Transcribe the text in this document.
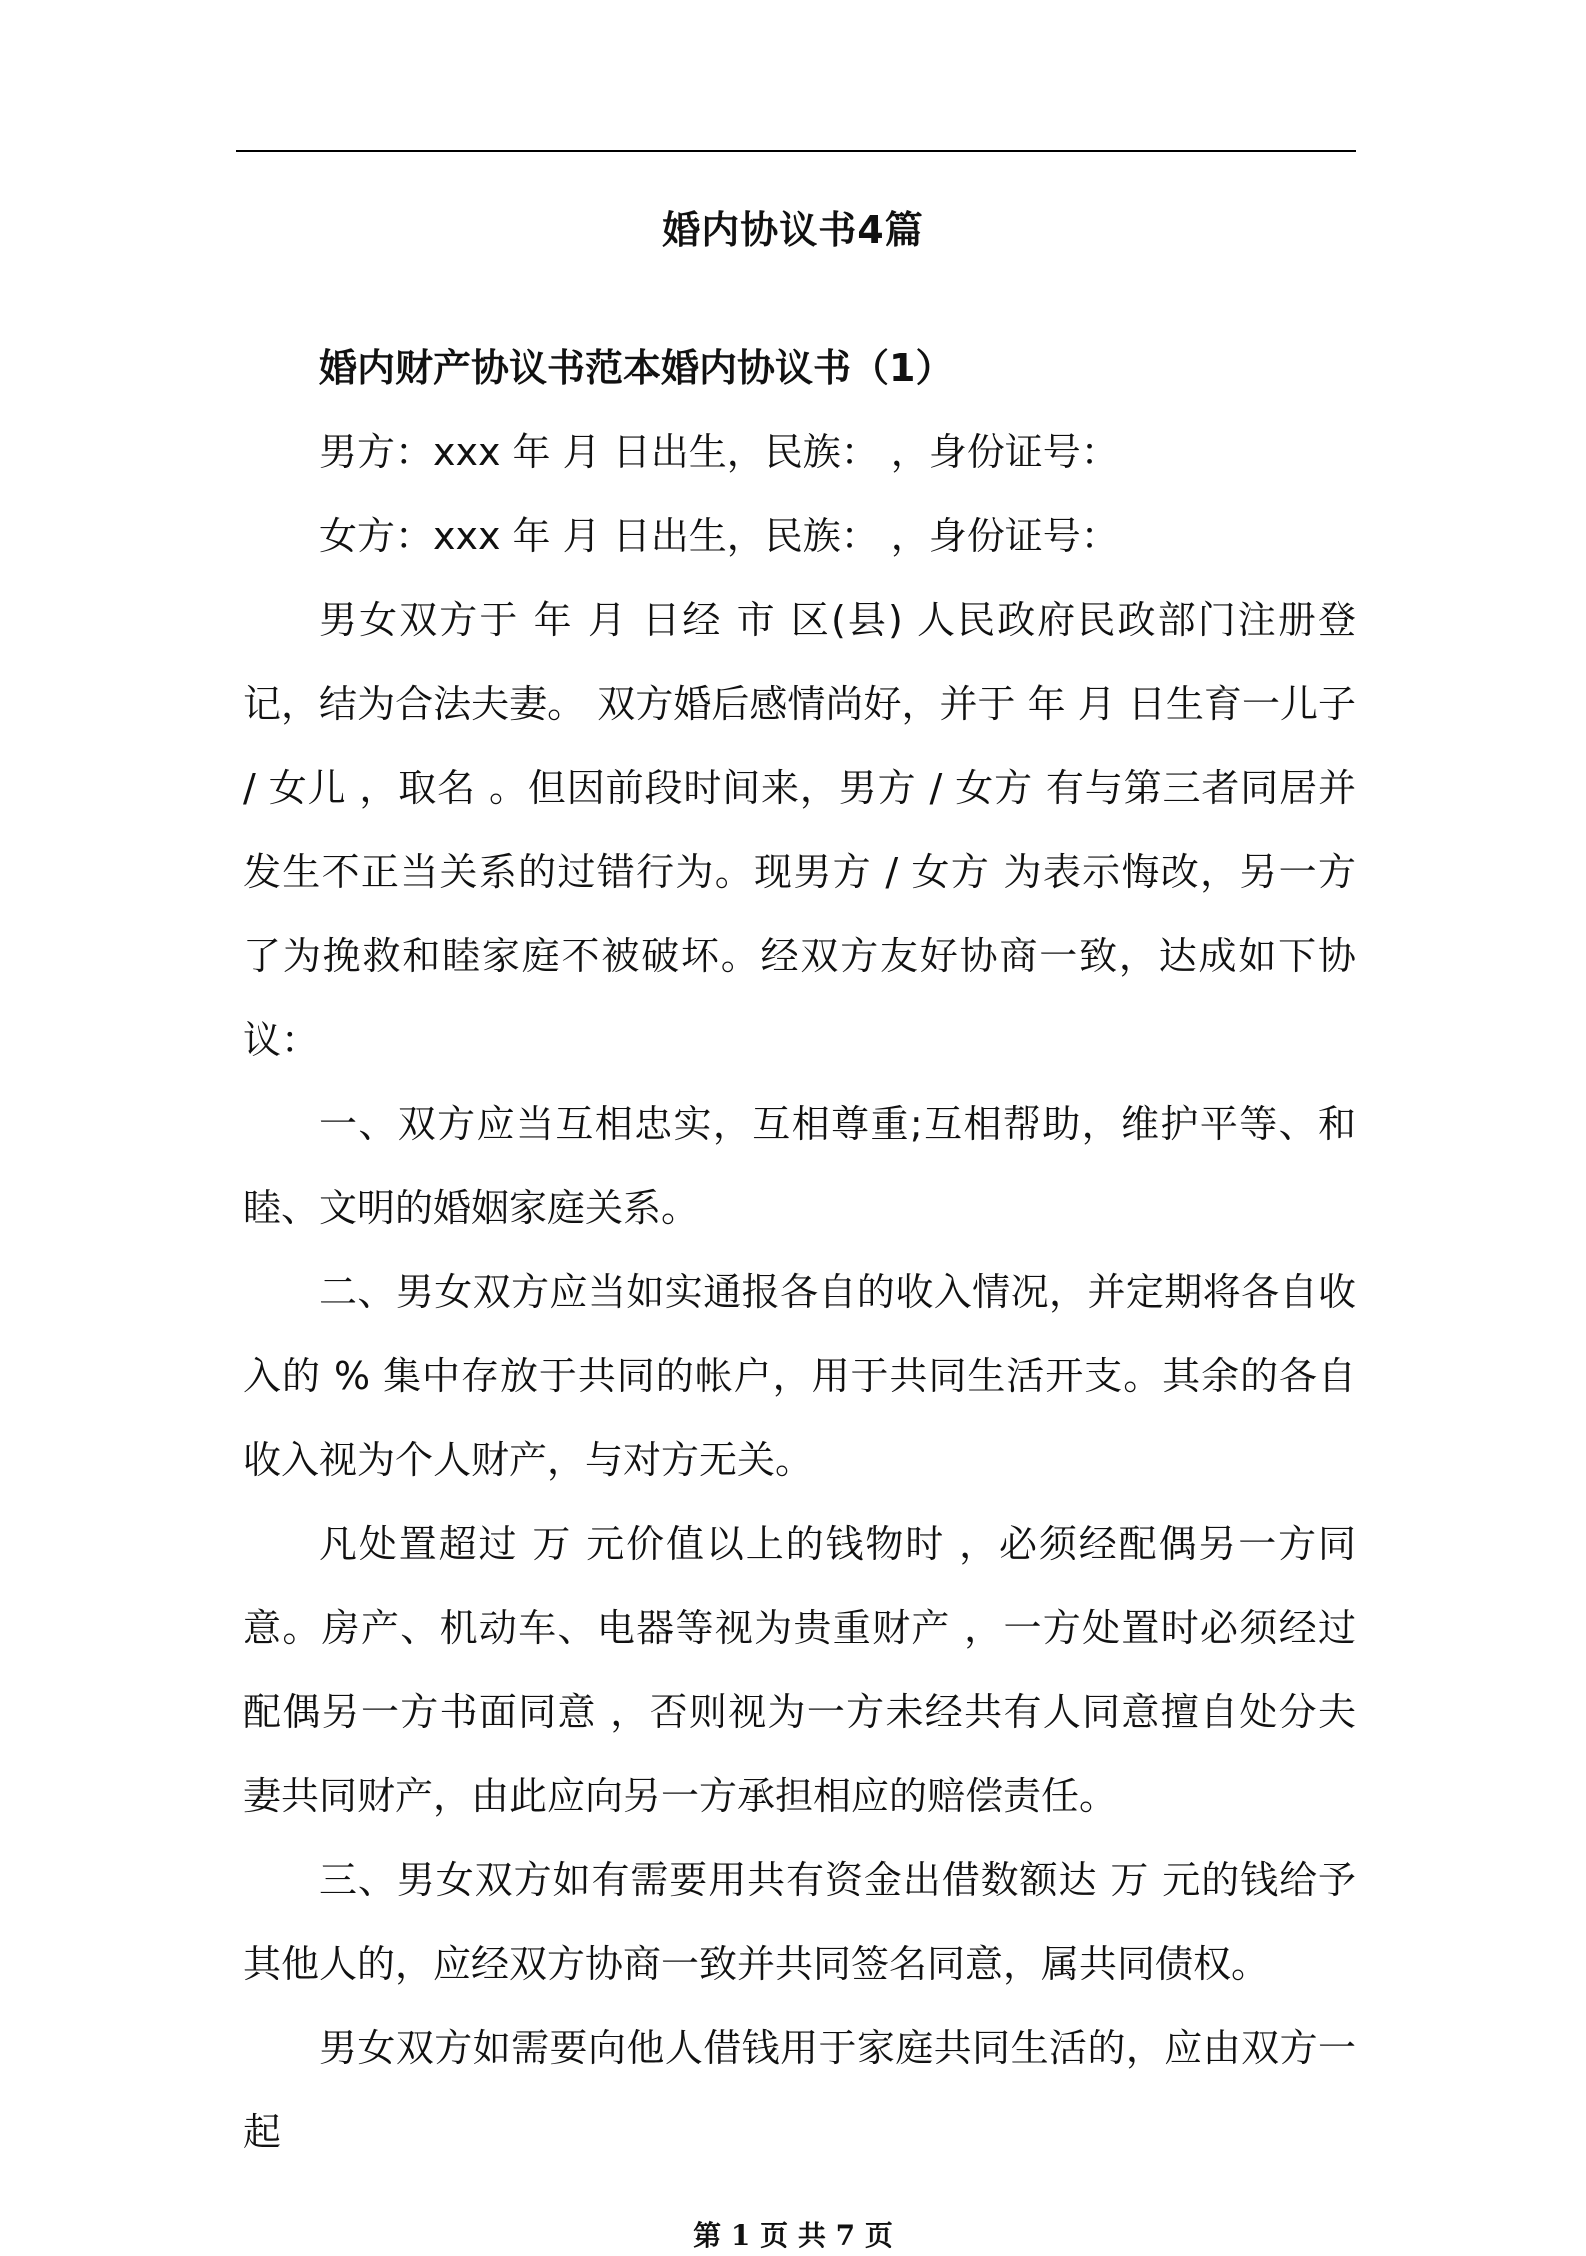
婚内协议书4篇

婚内财产协议书范本婚内协议书（1）

男方：xxx 年 月 日出生，民族： ，身份证号：

女方：xxx 年 月 日出生，民族： ，身份证号：

男女双方于 年 月 日经 市 区(县) 人民政府民政部门注册登记，结为合法夫妻。 双方婚后感情尚好，并于 年 月 日生育一儿子 / 女儿 ，取名 。但因前段时间来，男方 / 女方 有与第三者同居并发生不正当关系的过错行为。现男方 / 女方 为表示悔改，另一方了为挽救和睦家庭不被破坏。经双方友好协商一致，达成如下协议：

一、双方应当互相忠实，互相尊重;互相帮助，维护平等、和睦、文明的婚姻家庭关系。

二、男女双方应当如实通报各自的收入情况，并定期将各自收入的 % 集中存放于共同的帐户，用于共同生活开支。其余的各自收入视为个人财产，与对方无关。

凡处置超过 万 元价值以上的钱物时 ，必须经配偶另一方同意。房产、机动车、电器等视为贵重财产 ，一方处置时必须经过配偶另一方书面同意 ，否则视为一方未经共有人同意擅自处分夫妻共同财产，由此应向另一方承担相应的赔偿责任。

三、男女双方如有需要用共有资金出借数额达 万 元的钱给予其他人的，应经双方协商一致并共同签名同意，属共同债权。

男女双方如需要向他人借钱用于家庭共同生活的，应由双方一起

第 1 页 共 7 页
